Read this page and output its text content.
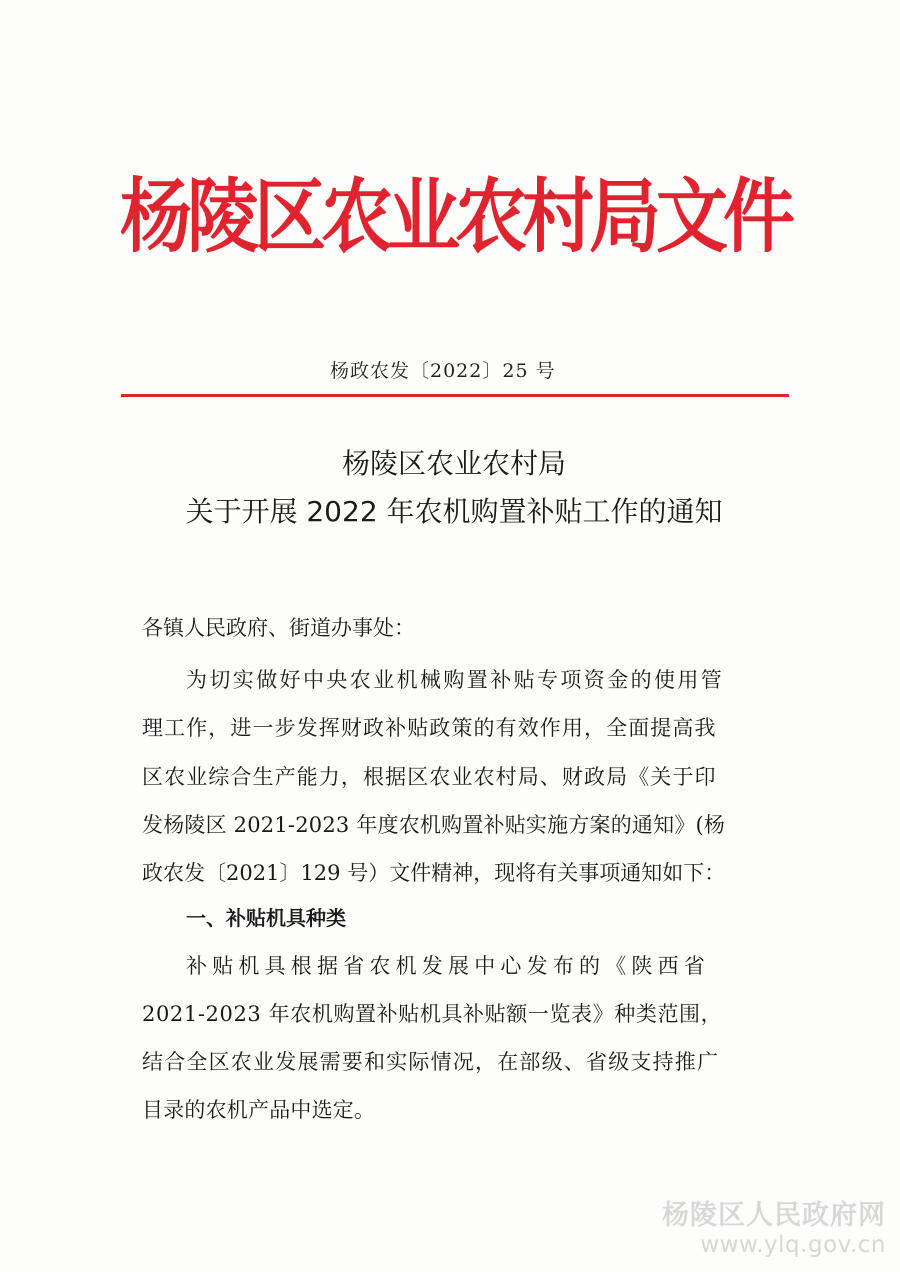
杨陵区农业农村局文件
杨政农发〔2022〕25 号
杨陵区农业农村局
关于开展 2022 年农机购置补贴工作的通知
各镇人民政府、街道办事处：
为切实做好中央农业机械购置补贴专项资金的使用管
理工作，进一步发挥财政补贴政策的有效作用，全面提高我
区农业综合生产能力，根据区农业农村局、财政局《关于印
发杨陵区 2021-2023 年度农机购置补贴实施方案的通知》(杨
政农发〔2021〕129 号）文件精神，现将有关事项通知如下：
一、补贴机具种类
补贴机具根据省农机发展中心发布的《陕西省
2021-2023 年农机购置补贴机具补贴额一览表》种类范围，
结合全区农业发展需要和实际情况，在部级、省级支持推广
目录的农机产品中选定。
杨陵区人民政府网
www.ylq.gov.cn
